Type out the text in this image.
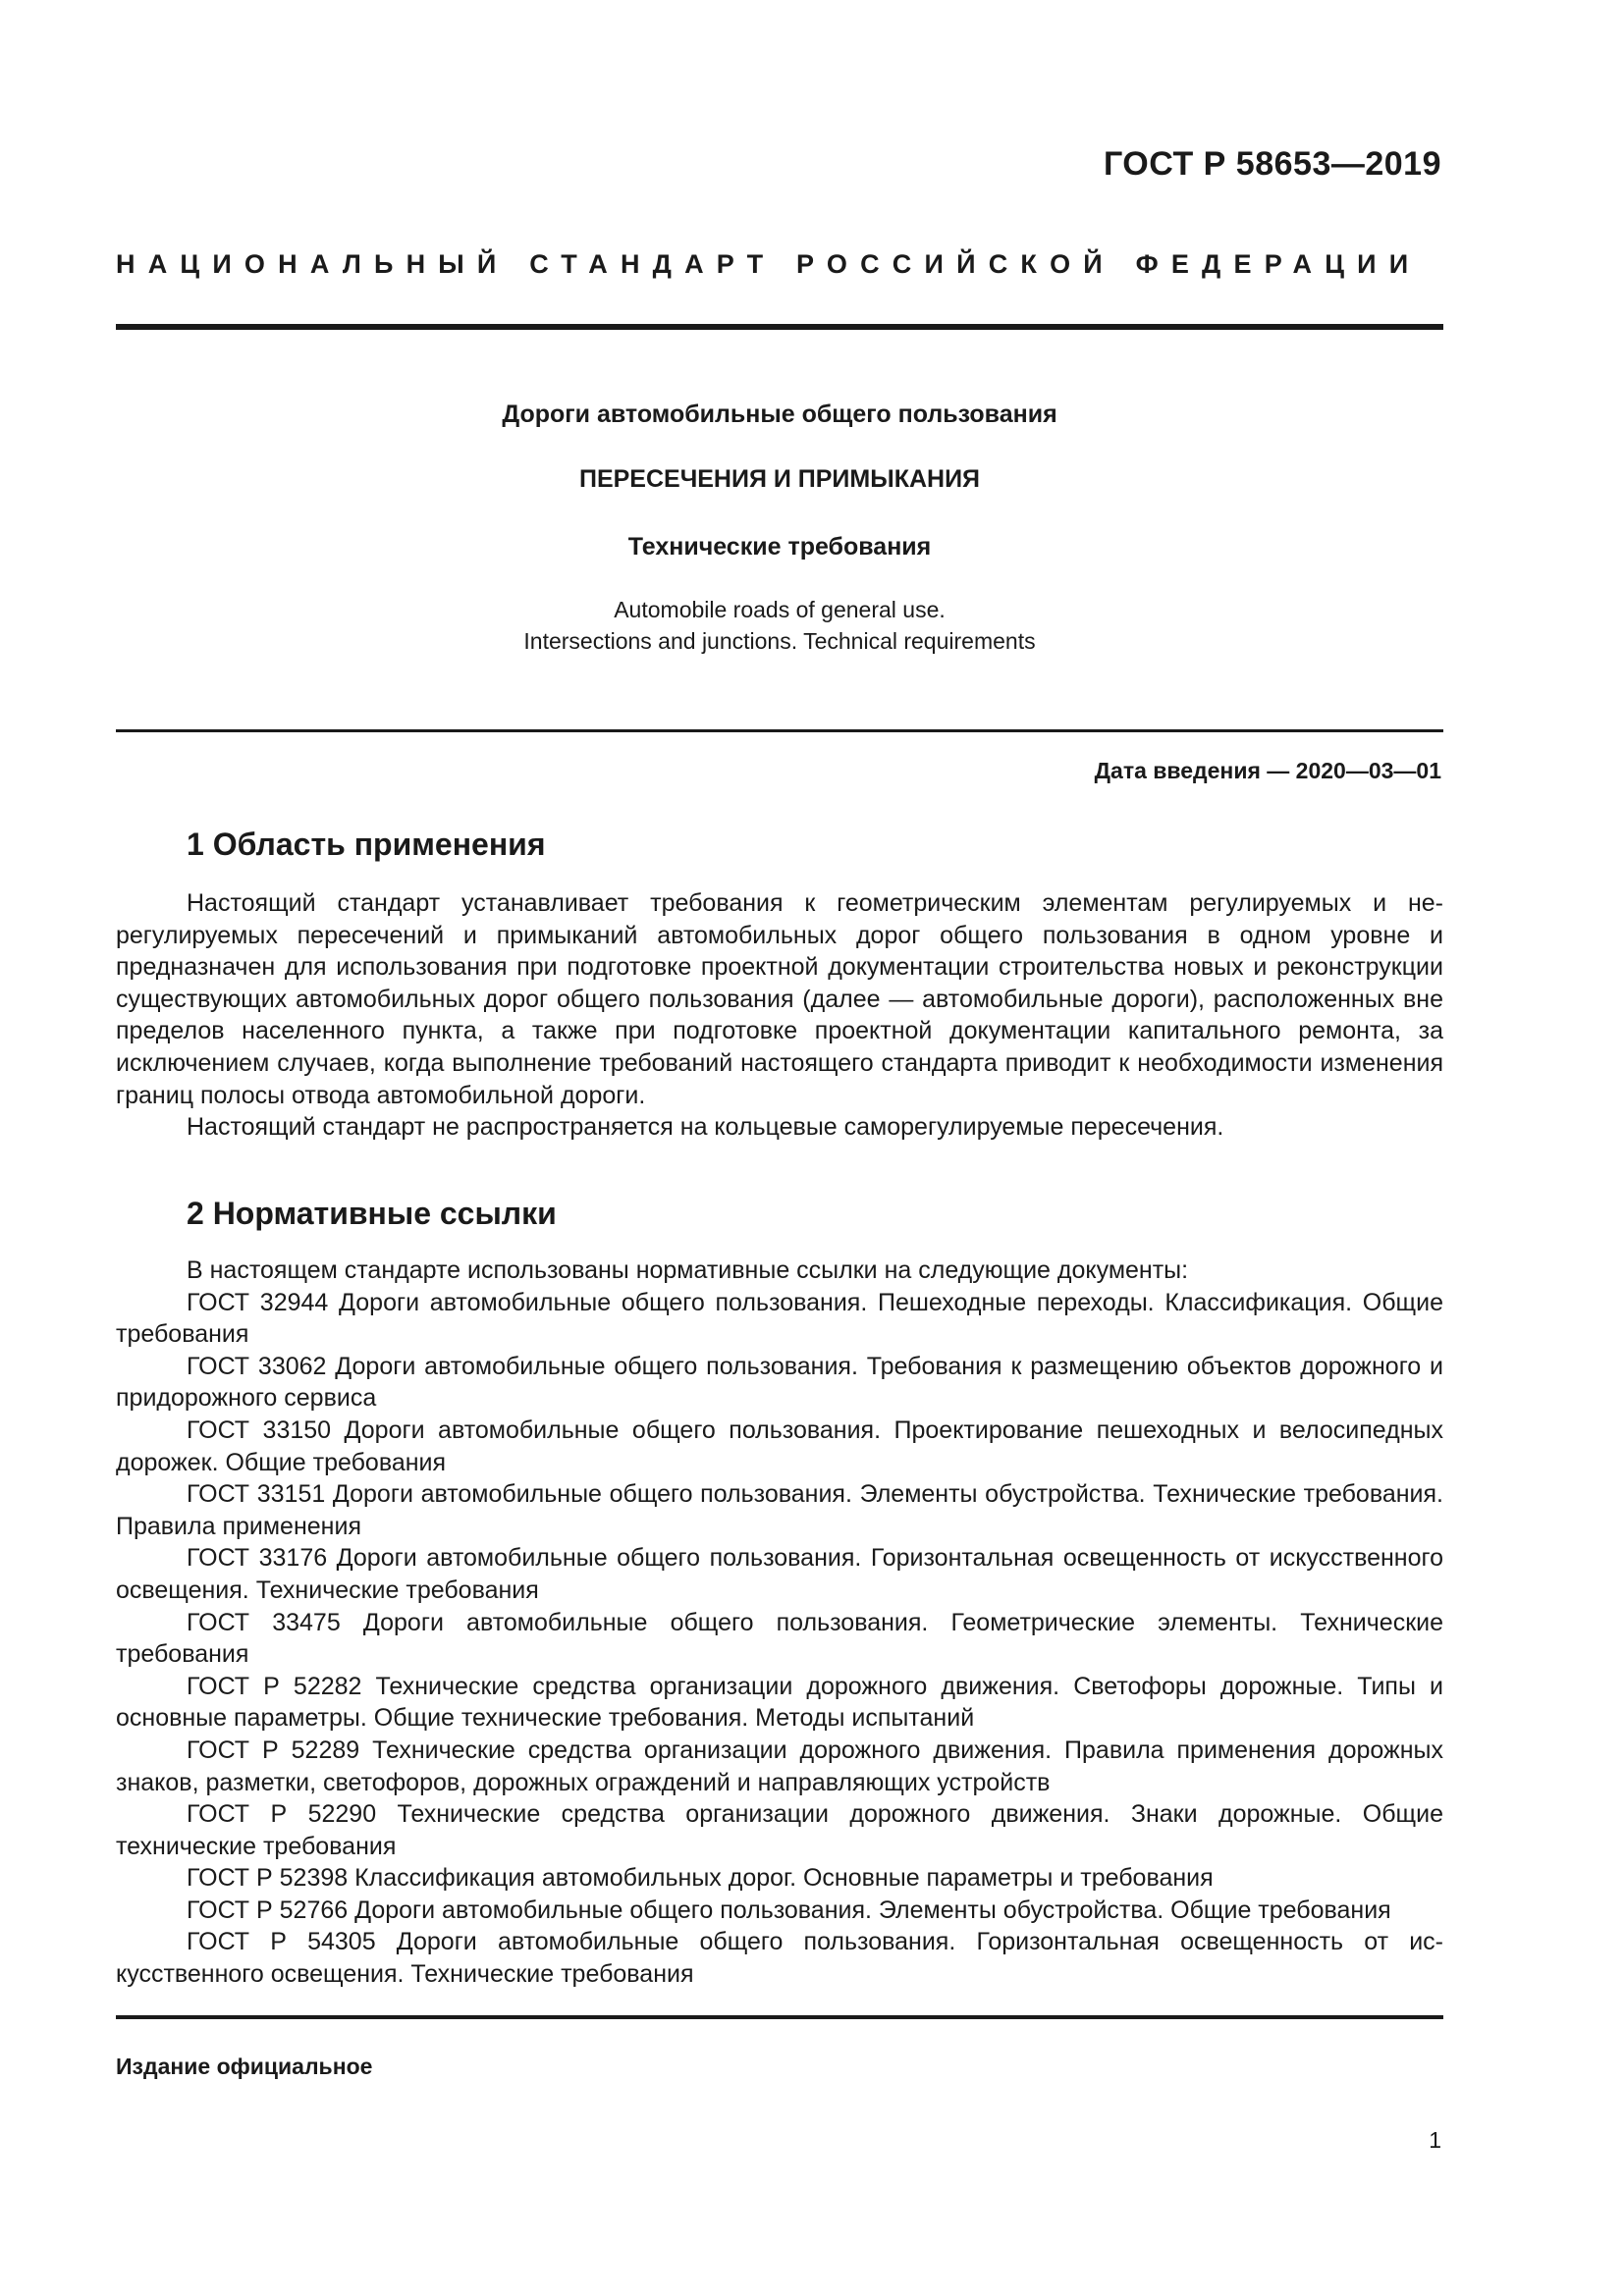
ГОСТ Р 58653—2019
НАЦИОНАЛЬНЫЙ СТАНДАРТ РОССИЙСКОЙ ФЕДЕРАЦИИ
Дороги автомобильные общего пользования
ПЕРЕСЕЧЕНИЯ И ПРИМЫКАНИЯ
Технические требования
Automobile roads of general use.
Intersections and junctions. Technical requirements
Дата введения — 2020—03—01
1 Область применения

Настоящий стандарт устанавливает требования к геометрическим элементам регулируемых и нерегулируемых пересечений и примыканий автомобильных дорог общего пользования в одном уровне и предназначен для использования при подготовке проектной документации строительства новых и реконструкции существующих автомобильных дорог общего пользования (далее — автомобильные дороги), расположенных вне пределов населенного пункта, а также при подготовке проектной документации капитального ремонта, за исключением случаев, когда выполнение требований настоящего стандарта приводит к необходимости изменения границ полосы отвода автомобильной дороги.

Настоящий стандарт не распространяется на кольцевые саморегулируемые пересечения.

2 Нормативные ссылки

В настоящем стандарте использованы нормативные ссылки на следующие документы:

ГОСТ 32944 Дороги автомобильные общего пользования. Пешеходные переходы. Классификация. Общие требования

ГОСТ 33062 Дороги автомобильные общего пользования. Требования к размещению объектов дорожного и придорожного сервиса

ГОСТ 33150 Дороги автомобильные общего пользования. Проектирование пешеходных и велосипедных дорожек. Общие требования

ГОСТ 33151 Дороги автомобильные общего пользования. Элементы обустройства. Технические требования. Правила применения

ГОСТ 33176 Дороги автомобильные общего пользования. Горизонтальная освещенность от искусственного освещения. Технические требования

ГОСТ 33475 Дороги автомобильные общего пользования. Геометрические элементы. Технические требования

ГОСТ Р 52282 Технические средства организации дорожного движения. Светофоры дорожные. Типы и основные параметры. Общие технические требования. Методы испытаний

ГОСТ Р 52289 Технические средства организации дорожного движения. Правила применения дорожных знаков, разметки, светофоров, дорожных ограждений и направляющих устройств

ГОСТ Р 52290 Технические средства организации дорожного движения. Знаки дорожные. Общие технические требования

ГОСТ Р 52398 Классификация автомобильных дорог. Основные параметры и требования

ГОСТ Р 52766 Дороги автомобильные общего пользования. Элементы обустройства. Общие требования

ГОСТ Р 54305 Дороги автомобильные общего пользования. Горизонтальная освещенность от искусственного освещения. Технические требования

Издание официальное
1
